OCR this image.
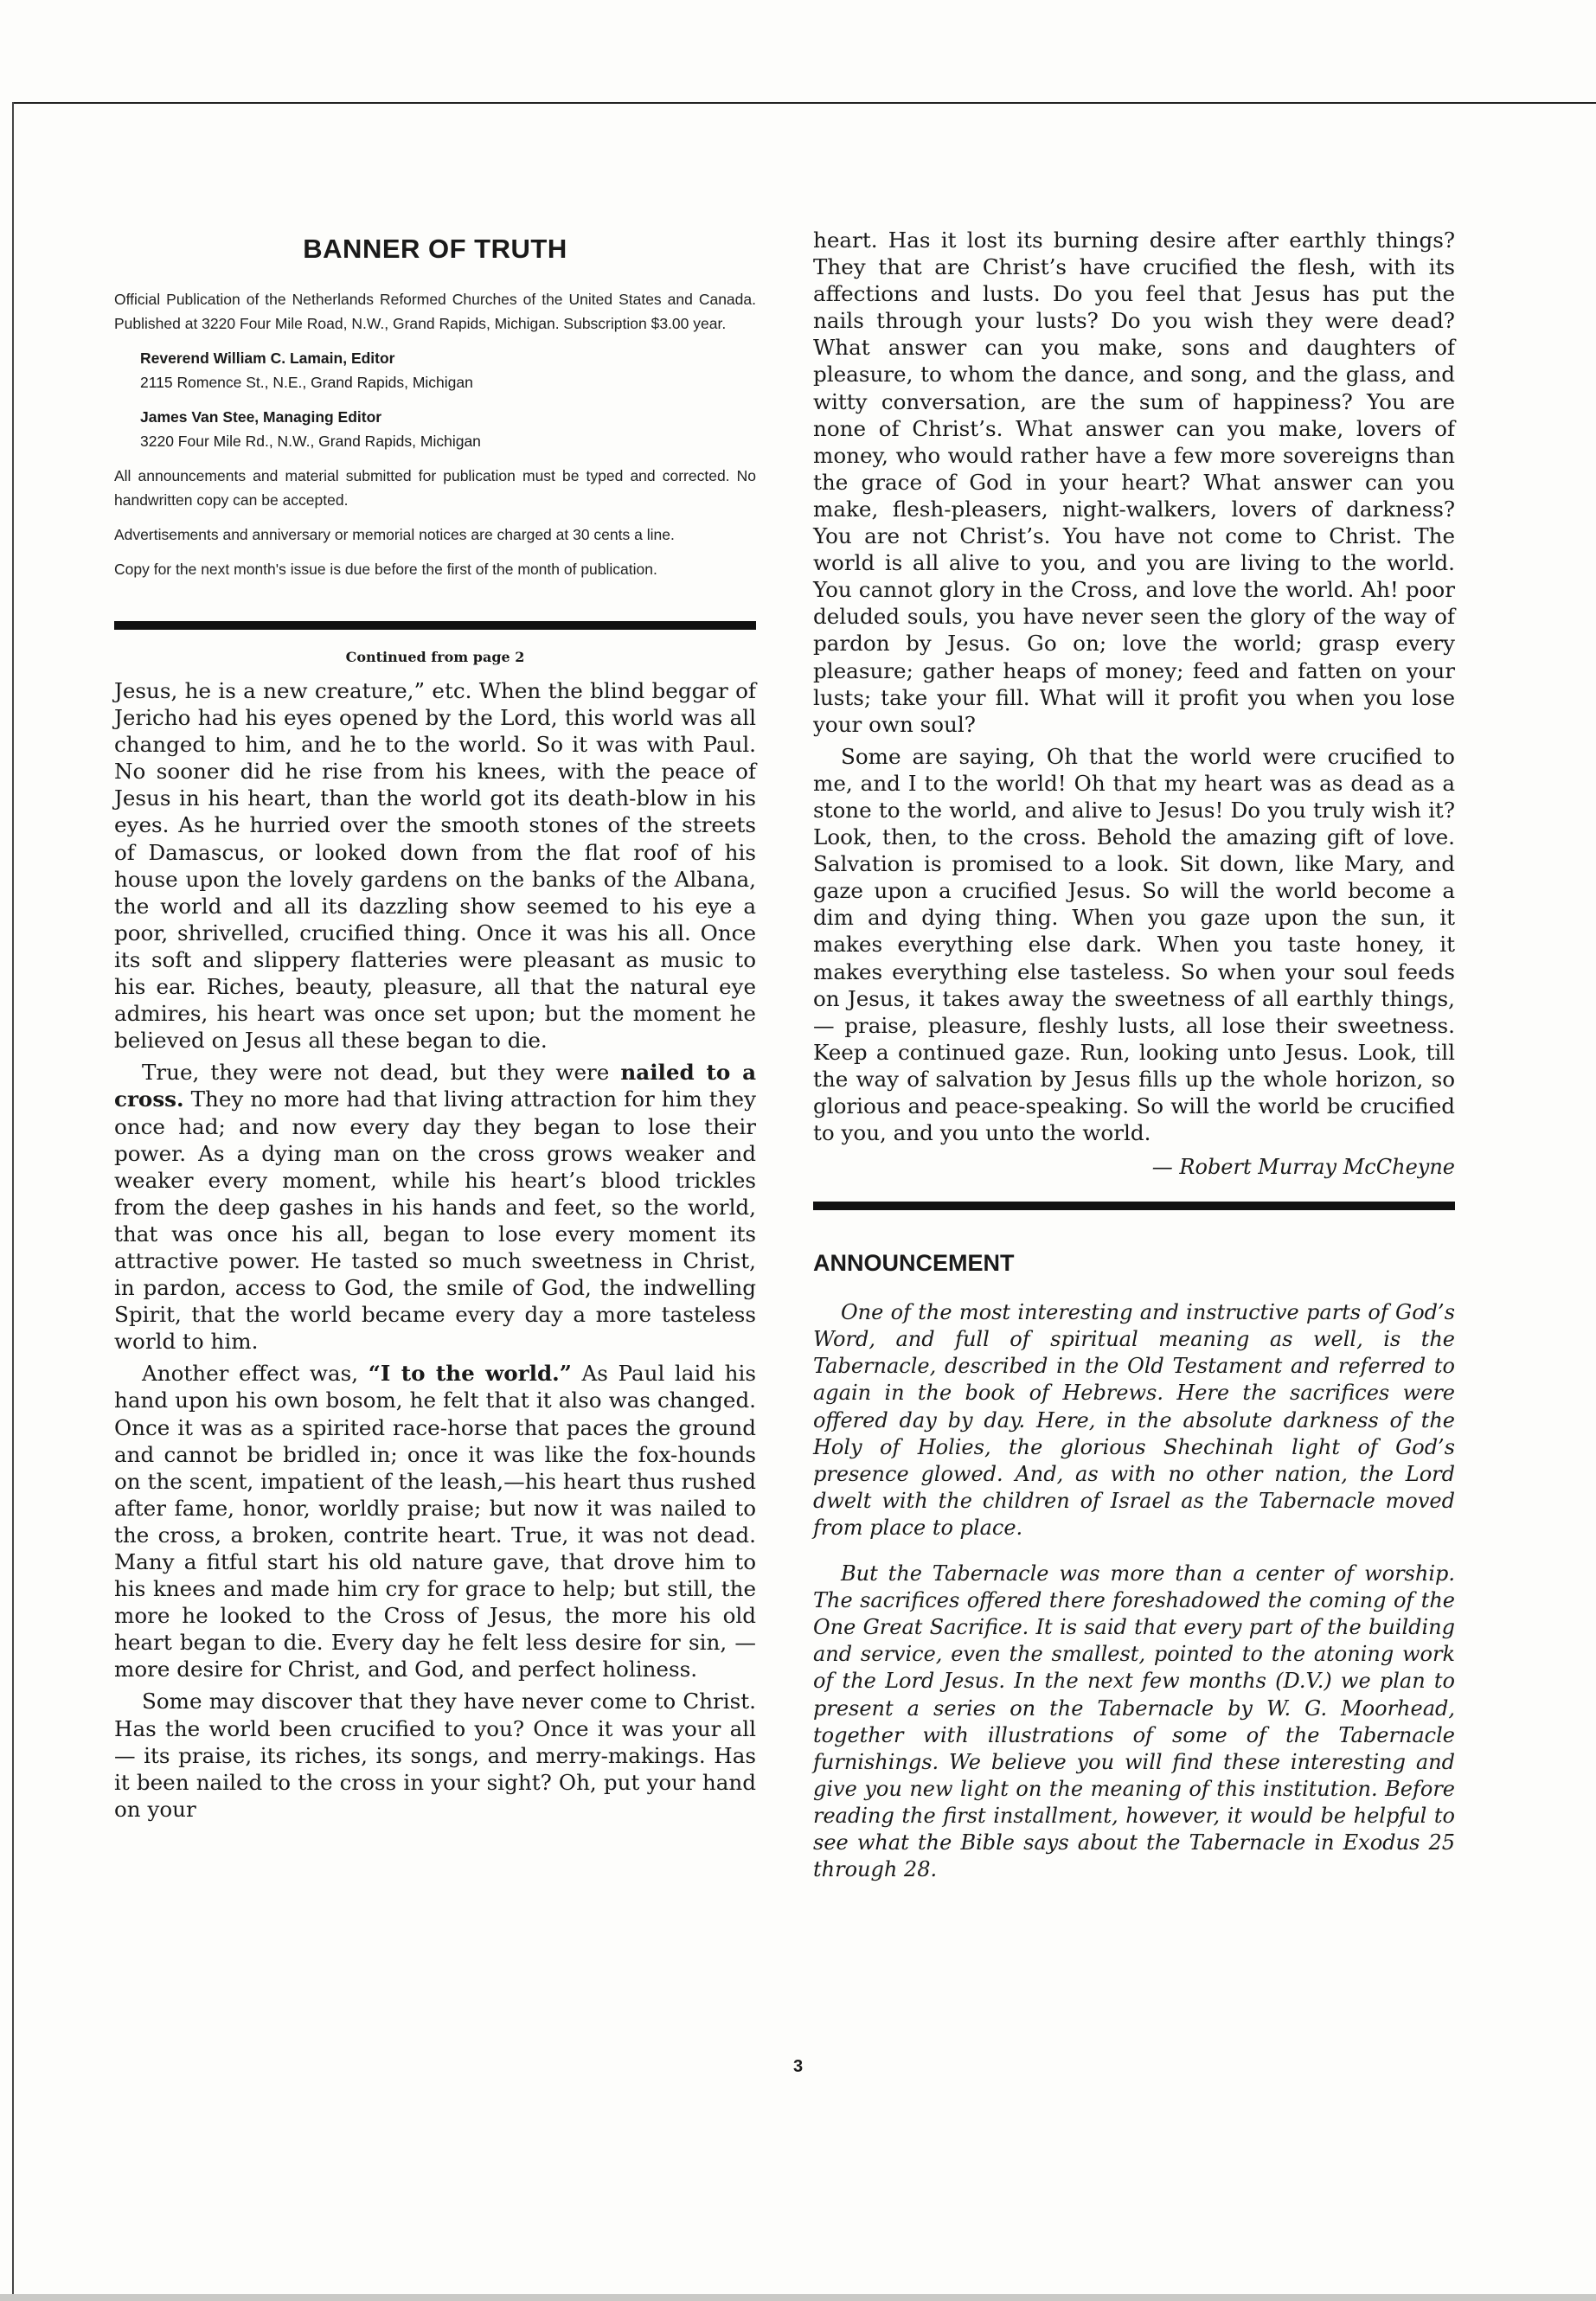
BANNER OF TRUTH

Official Publication of the Netherlands Reformed Churches of the United States and Canada. Published at 3220 Four Mile Road, N.W., Grand Rapids, Michigan. Subscription $3.00 year.

Reverend William C. Lamain, Editor
2115 Romence St., N.E., Grand Rapids, Michigan
James Van Stee, Managing Editor
3220 Four Mile Rd., N.W., Grand Rapids, Michigan

All announcements and material submitted for publication must be typed and corrected. No handwritten copy can be accepted.

Advertisements and anniversary or memorial notices are charged at 30 cents a line.

Copy for the next month's issue is due before the first of the month of publication.

Continued from page 2

Jesus, he is a new creature,” etc. When the blind beggar of Jericho had his eyes opened by the Lord, this world was all changed to him, and he to the world. So it was with Paul. No sooner did he rise from his knees, with the peace of Jesus in his heart, than the world got its death-blow in his eyes. As he hurried over the smooth stones of the streets of Damascus, or looked down from the flat roof of his house upon the lovely gardens on the banks of the Albana, the world and all its dazzling show seemed to his eye a poor, shrivelled, crucified thing. Once it was his all. Once its soft and slippery flatteries were pleasant as music to his ear. Riches, beauty, pleasure, all that the natural eye admires, his heart was once set upon; but the moment he believed on Jesus all these began to die.

True, they were not dead, but they were nailed to a cross. They no more had that living attraction for him they once had; and now every day they began to lose their power. As a dying man on the cross grows weaker and weaker every moment, while his heart’s blood trickles from the deep gashes in his hands and feet, so the world, that was once his all, began to lose every moment its attractive power. He tasted so much sweetness in Christ, in pardon, access to God, the smile of God, the indwelling Spirit, that the world became every day a more tasteless world to him.

Another effect was, “I to the world.” As Paul laid his hand upon his own bosom, he felt that it also was changed. Once it was as a spirited race-horse that paces the ground and cannot be bridled in; once it was like the fox-hounds on the scent, impatient of the leash,—his heart thus rushed after fame, honor, worldly praise; but now it was nailed to the cross, a broken, contrite heart. True, it was not dead. Many a fitful start his old nature gave, that drove him to his knees and made him cry for grace to help; but still, the more he looked to the Cross of Jesus, the more his old heart began to die. Every day he felt less desire for sin, — more desire for Christ, and God, and perfect holiness.

Some may discover that they have never come to Christ. Has the world been crucified to you? Once it was your all — its praise, its riches, its songs, and merry-makings. Has it been nailed to the cross in your sight? Oh, put your hand on your

heart. Has it lost its burning desire after earthly things? They that are Christ’s have crucified the flesh, with its affections and lusts. Do you feel that Jesus has put the nails through your lusts? Do you wish they were dead? What answer can you make, sons and daughters of pleasure, to whom the dance, and song, and the glass, and witty conversation, are the sum of happiness? You are none of Christ’s. What answer can you make, lovers of money, who would rather have a few more sovereigns than the grace of God in your heart? What answer can you make, flesh-pleasers, night-walkers, lovers of darkness? You are not Christ’s. You have not come to Christ. The world is all alive to you, and you are living to the world. You cannot glory in the Cross, and love the world. Ah! poor deluded souls, you have never seen the glory of the way of pardon by Jesus. Go on; love the world; grasp every pleasure; gather heaps of money; feed and fatten on your lusts; take your fill. What will it profit you when you lose your own soul?

Some are saying, Oh that the world were crucified to me, and I to the world! Oh that my heart was as dead as a stone to the world, and alive to Jesus! Do you truly wish it? Look, then, to the cross. Behold the amazing gift of love. Salvation is promised to a look. Sit down, like Mary, and gaze upon a crucified Jesus. So will the world become a dim and dying thing. When you gaze upon the sun, it makes everything else dark. When you taste honey, it makes everything else tasteless. So when your soul feeds on Jesus, it takes away the sweetness of all earthly things, — praise, pleasure, fleshly lusts, all lose their sweetness. Keep a continued gaze. Run, looking unto Jesus. Look, till the way of salvation by Jesus fills up the whole horizon, so glorious and peace-speaking. So will the world be crucified to you, and you unto the world.

— Robert Murray McCheyne
ANNOUNCEMENT

One of the most interesting and instructive parts of God’s Word, and full of spiritual meaning as well, is the Tabernacle, described in the Old Testament and referred to again in the book of Hebrews. Here the sacrifices were offered day by day. Here, in the absolute darkness of the Holy of Holies, the glorious Shechinah light of God’s presence glowed. And, as with no other nation, the Lord dwelt with the children of Israel as the Tabernacle moved from place to place.

But the Tabernacle was more than a center of worship. The sacrifices offered there foreshadowed the coming of the One Great Sacrifice. It is said that every part of the building and service, even the smallest, pointed to the atoning work of the Lord Jesus. In the next few months (D.V.) we plan to present a series on the Tabernacle by W. G. Moorhead, together with illustrations of some of the Tabernacle furnishings. We believe you will find these interesting and give you new light on the meaning of this institution. Before reading the first installment, however, it would be helpful to see what the Bible says about the Tabernacle in Exodus 25 through 28.

3
